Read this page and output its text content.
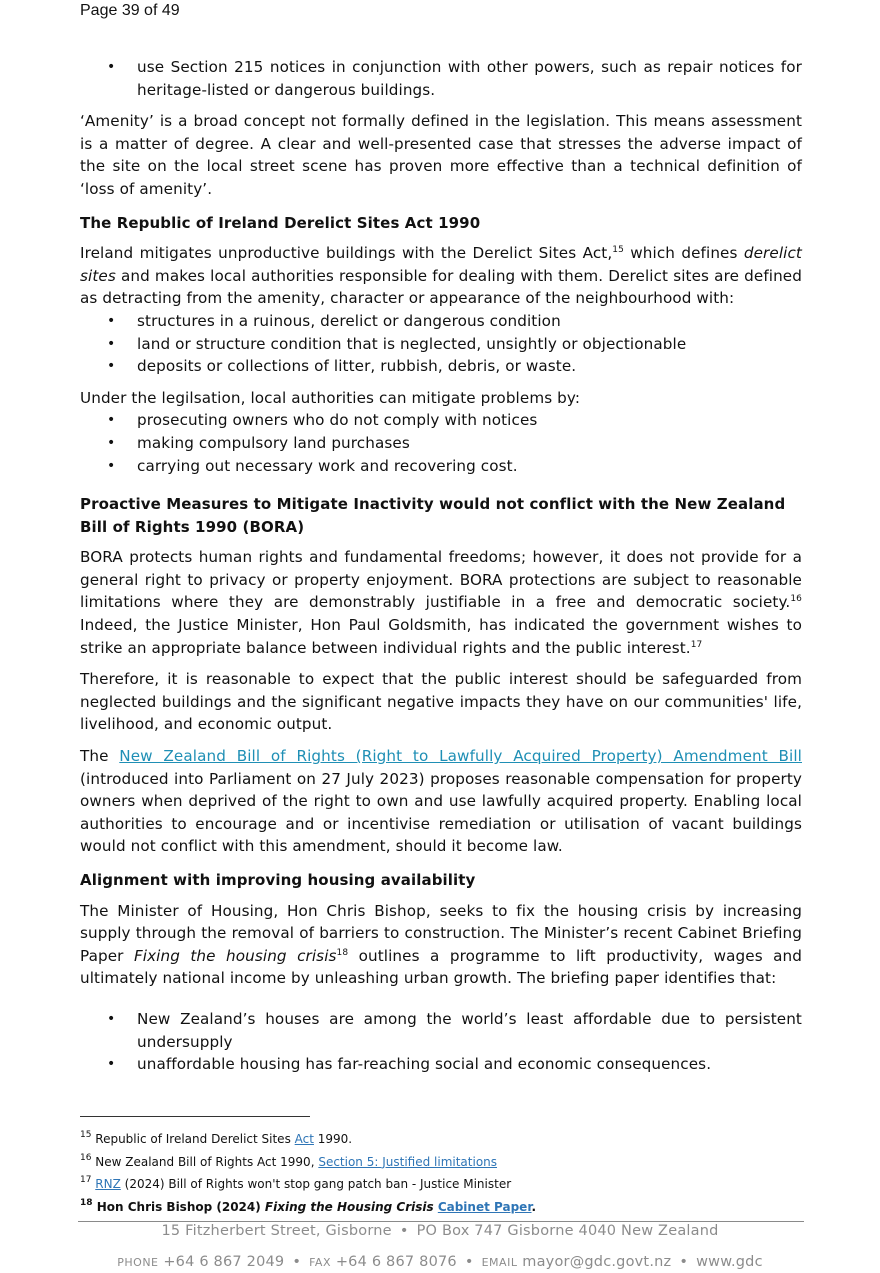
Page 39 of 49
• use Section 215 notices in conjunction with other powers, such as repair notices for heritage-listed or dangerous buildings.

‘Amenity’ is a broad concept not formally defined in the legislation. This means assessment is a matter of degree. A clear and well-presented case that stresses the adverse impact of the site on the local street scene has proven more effective than a technical definition of ‘loss of amenity’.

The Republic of Ireland Derelict Sites Act 1990

Ireland mitigates unproductive buildings with the Derelict Sites Act,$^{15}$ which defines derelict sites and makes local authorities responsible for dealing with them. Derelict sites are defined as detracting from the amenity, character or appearance of the neighbourhood with:

• structures in a ruinous, derelict or dangerous condition
• land or structure condition that is neglected, unsightly or objectionable
• deposits or collections of litter, rubbish, debris, or waste.

Under the legilsation, local authorities can mitigate problems by:

• prosecuting owners who do not comply with notices
• making compulsory land purchases
• carrying out necessary work and recovering cost.
Proactive Measures to Mitigate Inactivity would not conflict with the New Zealand Bill of Rights 1990 (BORA)

BORA protects human rights and fundamental freedoms; however, it does not provide for a general right to privacy or property enjoyment. BORA protections are subject to reasonable limitations where they are demonstrably justifiable in a free and democratic society.$^{16}$ Indeed, the Justice Minister, Hon Paul Goldsmith, has indicated the government wishes to strike an appropriate balance between individual rights and the public interest.$^{17}$

Therefore, it is reasonable to expect that the public interest should be safeguarded from neglected buildings and the significant negative impacts they have on our communities' life, livelihood, and economic output.

The New Zealand Bill of Rights (Right to Lawfully Acquired Property) Amendment Bill (introduced into Parliament on 27 July 2023) proposes reasonable compensation for property owners when deprived of the right to own and use lawfully acquired property. Enabling local authorities to encourage and or incentivise remediation or utilisation of vacant buildings would not conflict with this amendment, should it become law.

Alignment with improving housing availability

The Minister of Housing, Hon Chris Bishop, seeks to fix the housing crisis by increasing supply through the removal of barriers to construction. The Minister’s recent Cabinet Briefing Paper Fixing the housing crisis$^{18}$ outlines a programme to lift productivity, wages and ultimately national income by unleashing urban growth. The briefing paper identifies that:

• New Zealand’s houses are among the world’s least affordable due to persistent undersupply
• unaffordable housing has far-reaching social and economic consequences.
$^{15}$ Republic of Ireland Derelict Sites Act 1990.
$^{16}$ New Zealand Bill of Rights Act 1990, Section 5: Justified limitations
$^{17}$ RNZ (2024) Bill of Rights won't stop gang patch ban - Justice Minister
$^{18}$ Hon Chris Bishop (2024) Fixing the Housing Crisis Cabinet Paper.
15 Fitzherbert Street, Gisborne • PO Box 747 Gisborne 4040 New Zealand
PHONE +64 6 867 2049 • FAX +64 6 867 8076 • EMAIL mayor@gdc.govt.nz • www.gdc
